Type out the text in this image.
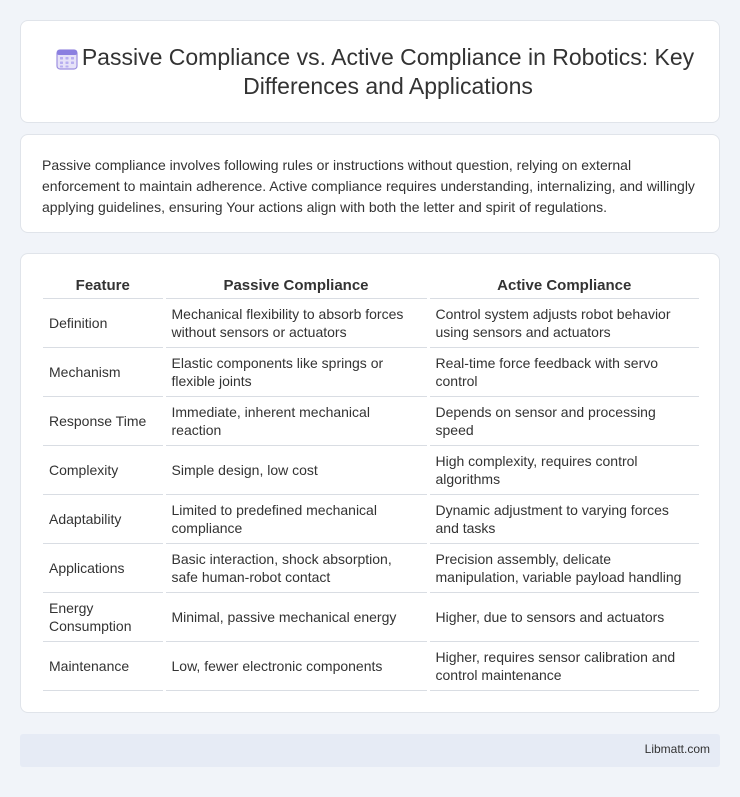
Passive Compliance vs. Active Compliance in Robotics: Key Differences and Applications

Passive compliance involves following rules or instructions without question, relying on external enforcement to maintain adherence. Active compliance requires understanding, internalizing, and willingly applying guidelines, ensuring Your actions align with both the letter and spirit of regulations.

Feature	Passive Compliance	Active Compliance
Definition	Mechanical flexibility to absorb forces without sensors or actuators	Control system adjusts robot behavior using sensors and actuators
Mechanism	Elastic components like springs or flexible joints	Real-time force feedback with servo control
Response Time	Immediate, inherent mechanical reaction	Depends on sensor and processing speed
Complexity	Simple design, low cost	High complexity, requires control algorithms
Adaptability	Limited to predefined mechanical compliance	Dynamic adjustment to varying forces and tasks
Applications	Basic interaction, shock absorption, safe human-robot contact	Precision assembly, delicate manipulation, variable payload handling
Energy Consumption	Minimal, passive mechanical energy	Higher, due to sensors and actuators
Maintenance	Low, fewer electronic components	Higher, requires sensor calibration and control maintenance
Libmatt.com
